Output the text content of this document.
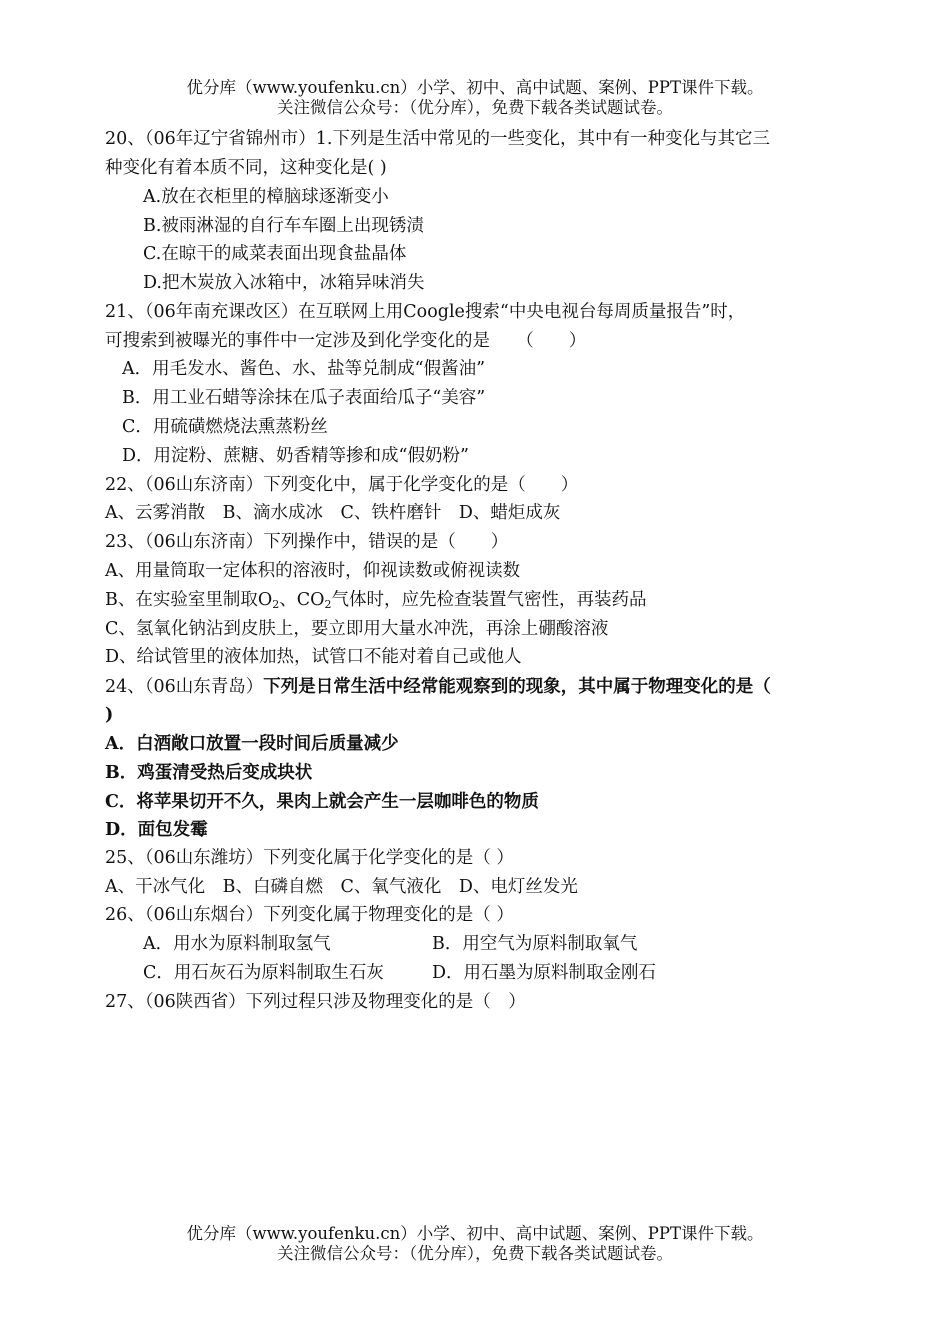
优分库（www.youfenku.cn）小学、初中、高中试题、案例、PPT课件下载。
关注微信公众号：（优分库），免费下载各类试题试卷。
20、（06年辽宁省锦州市）1.下列是生活中常见的一些变化，其中有一种变化与其它三
种变化有着本质不同，这种变化是( )
A.放在衣柜里的樟脑球逐渐变小
B.被雨淋湿的自行车车圈上出现锈渍
C.在晾干的咸菜表面出现食盐晶体
D.把木炭放入冰箱中，冰箱异味消失
21、（06年南充课改区）在互联网上用Coogle搜索“中央电视台每周质量报告”时，
可搜索到被曝光的事件中一定涉及到化学变化的是　　（　　）
A．用毛发水、酱色、水、盐等兑制成“假酱油”
B．用工业石蜡等涂抹在瓜子表面给瓜子“美容”
C．用硫磺燃烧法熏蒸粉丝
D．用淀粉、蔗糖、奶香精等掺和成“假奶粉”
22、（06山东济南）下列变化中，属于化学变化的是（　　）
A、云雾消散　B、滴水成冰　C、铁杵磨针　D、蜡炬成灰
23、（06山东济南）下列操作中，错误的是（　　）
A、用量筒取一定体积的溶液时，仰视读数或俯视读数
B、在实验室里制取$O_2$、$CO_2$气体时，应先检查装置气密性，再装药品
C、氢氧化钠沾到皮肤上，要立即用大量水冲洗，再涂上硼酸溶液
D、给试管里的液体加热，试管口不能对着自己或他人
24、（06山东青岛）下列是日常生活中经常能观察到的现象，其中属于物理变化的是（
)
A．白酒敞口放置一段时间后质量减少
B．鸡蛋清受热后变成块状
C．将苹果切开不久，果肉上就会产生一层咖啡色的物质
D．面包发霉
25、（06山东潍坊）下列变化属于化学变化的是（ ）
A、干冰气化　B、白磷自燃　C、氧气液化　D、电灯丝发光
26、（06山东烟台）下列变化属于物理变化的是（ ）
A．用水为原料制取氢气	B．用空气为原料制取氧气
C．用石灰石为原料制取生石灰	D．用石墨为原料制取金刚石
27、（06陕西省）下列过程只涉及物理变化的是（　）
优分库（www.youfenku.cn）小学、初中、高中试题、案例、PPT课件下载。
关注微信公众号：（优分库），免费下载各类试题试卷。
